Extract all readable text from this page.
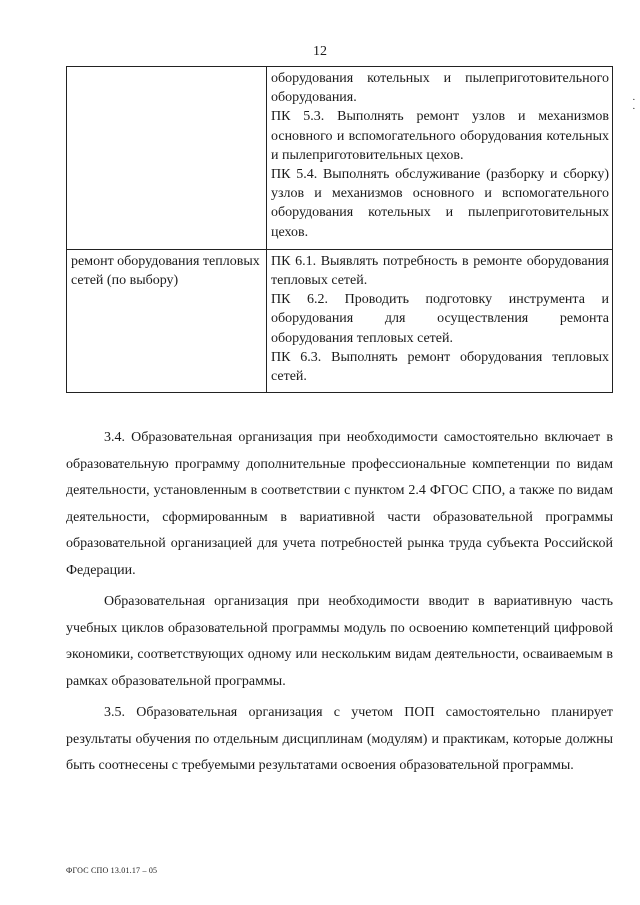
12
·
·

	оборудования котельных и пылеприготовительного оборудования.

ПК 5.3. Выполнять ремонт узлов и механизмов основного и вспомогательного оборудования котельных и пылеприготовительных цехов.

ПК 5.4. Выполнять обслуживание (разборку и сборку) узлов и механизмов основного и вспомогательного оборудования котельных и пылеприготовительных цехов.

ремонт оборудования тепловых сетей (по выбору)	ПК 6.1. Выявлять потребность в ремонте оборудования тепловых сетей.

ПК 6.2. Проводить подготовку инструмента и оборудования для осуществления ремонта оборудования тепловых сетей.

ПК 6.3. Выполнять ремонт оборудования тепловых сетей.

3.4. Образовательная организация при необходимости самостоятельно включает в образовательную программу дополнительные профессиональные компетенции по видам деятельности, установленным в соответствии с пунктом 2.4 ФГОС СПО, а также по видам деятельности, сформированным в вариативной части образовательной программы образовательной организацией для учета потребностей рынка труда субъекта Российской Федерации.

Образовательная организация при необходимости вводит в вариативную часть учебных циклов образовательной программы модуль по освоению компетенций цифровой экономики, соответствующих одному или нескольким видам деятельности, осваиваемым в рамках образовательной программы.

3.5. Образовательная организация с учетом ПОП самостоятельно планирует результаты обучения по отдельным дисциплинам (модулям) и практикам, которые должны быть соотнесены с требуемыми результатами освоения образовательной программы.

ФГОС СПО 13.01.17 – 05
